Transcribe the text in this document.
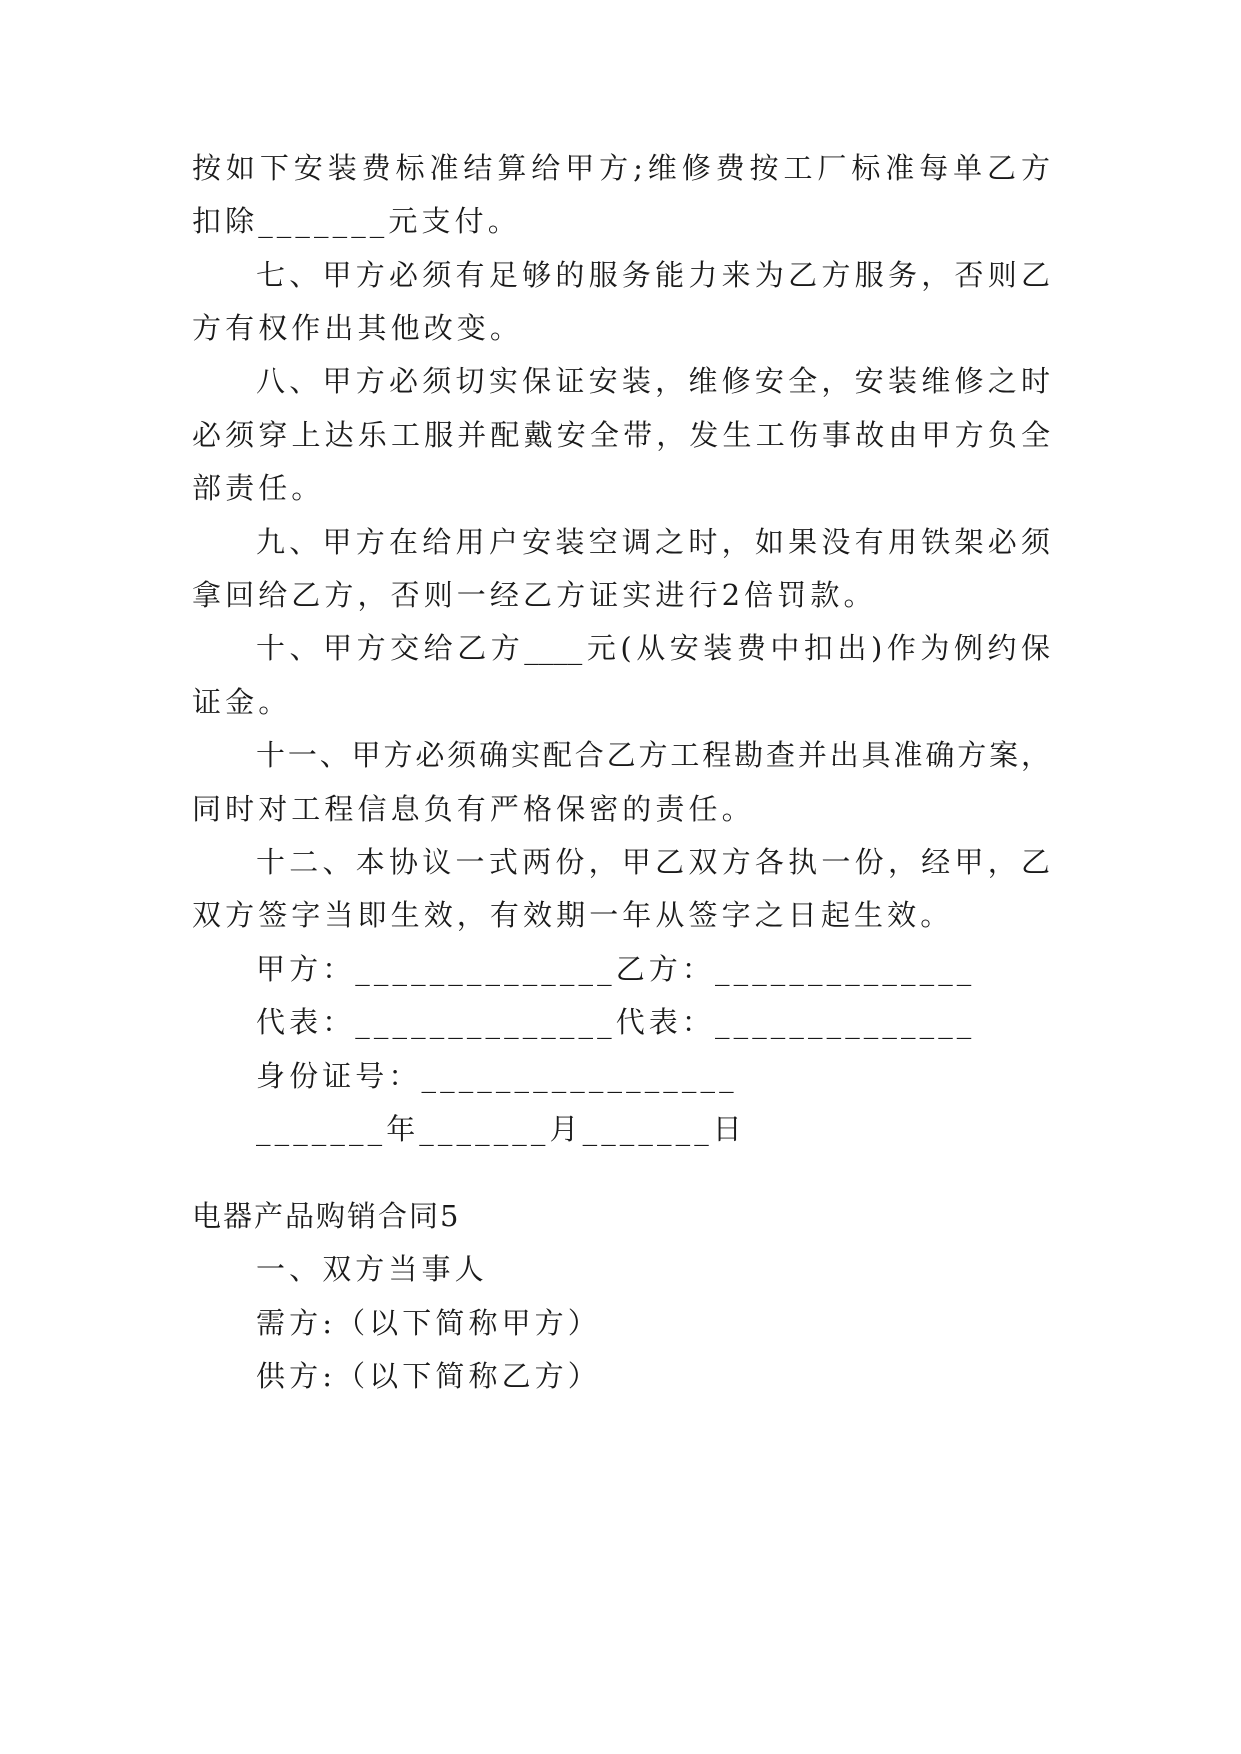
按如下安装费标准结算给甲方;维修费按工厂标准每单乙方
扣除_______元支付。
七、甲方必须有足够的服务能力来为乙方服务，否则乙
方有权作出其他改变。
八、甲方必须切实保证安装，维修安全，安装维修之时
必须穿上达乐工服并配戴安全带，发生工伤事故由甲方负全
部责任。
九、甲方在给用户安装空调之时，如果没有用铁架必须
拿回给乙方，否则一经乙方证实进行2倍罚款。
十、甲方交给乙方____元(从安装费中扣出)作为例约保
证金。
十一、甲方必须确实配合乙方工程勘查并出具准确方案，
同时对工程信息负有严格保密的责任。
十二、本协议一式两份，甲乙双方各执一份，经甲，乙
双方签字当即生效，有效期一年从签字之日起生效。
甲方：______________乙方：______________
代表：______________代表：______________
身份证号：_________________
_______年_______月_______日
电器产品购销合同5
一、双方当事人
需方:（以下简称甲方）
供方:（以下简称乙方）
